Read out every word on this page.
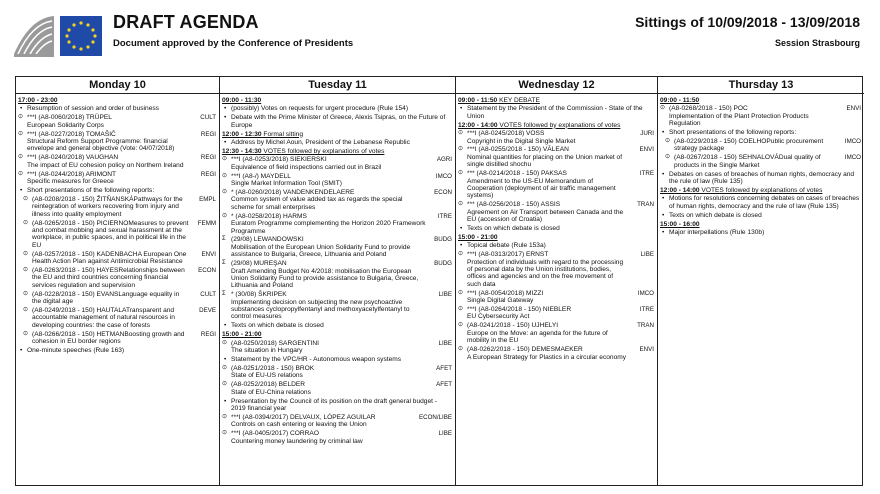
DRAFT AGENDA
Document approved by the Conference of Presidents
Sittings of 10/09/2018 - 13/09/2018
Session Strasbourg
Monday 10
17:00 - 23:00
• Resumption of session and order of business
⊙ ***I (A8-0060/2018) TRÜPEL
European Solidarity Corps
CULT
⊙ ***I (A8-0227/2018) TOMAŠIČ
Structural Reform Support Programme: financial envelope and general objective (Vote: 04/07/2018)
REGI
⊙ ***I (A8-0240/2018) VAUGHAN
The impact of EU cohesion policy on Northern Ireland
REGI
⊙ ***I (A8-0244/2018) ARIMONT
Specific measures for Greece
REGI
• Short presentations of the following reports:
⊙ (A8-0208/2018 - 150) ŽITŇANSKÁPathways for the reintegration of workers recovering from injury and illness into quality employment
EMPL
⊙ (A8-0265/2018 - 150) PICIERNOMeasures to prevent and combat mobbing and sexual harassment at the workplace, in public spaces, and in political life in the EU
FEMM
⊙ (A8-0257/2018 - 150) KADENBACHA European One Health Action Plan against Antimicrobial Resistance
ENVI
⊙ (A8-0263/2018 - 150) HAYESRelationships between the EU and third countries concerning financial services regulation and supervision
ECON
⊙ (A8-0228/2018 - 150) EVANSLanguage equality in the digital age
CULT
⊙ (A8-0249/2018 - 150) HAUTALATransparent and accountable management of natural resources in developing countries: the case of forests
DEVE
⊙ (A8-0266/2018 - 150) HETMANBoosting growth and cohesion in EU border regions
REGI
• One-minute speeches (Rule 163)
Tuesday 11
09:00 - 11:30
• (possibly) Votes on requests for urgent procedure (Rule 154)
• Debate with the Prime Minister of Greece, Alexis Tsipras, on the Future of Europe
12:00 - 12:30 Formal sitting
• Address by Michel Aoun, President of the Lebanese Republic
12:30 - 14:30 VOTES followed by explanations of votes
⊙ ***I (A8-0253/2018) SIEKIERSKI
Equivalence of field inspections carried out in Brazil
AGRI
⊙ ***I (A8-/) MAYDELL
Single Market Information Tool (SMIT)
IMCO
⊙ * (A8-0260/2018) VANDENKENDELAERE
Common system of value added tax as regards the special scheme for small enterprises
ECON
⊙ * (A8-0258/2018) HARMS
Euratom Programme complementing the Horizon 2020 Framework Programme
ITRE
Σ (29/08) LEWANDOWSKI
Mobilisation of the European Union Solidarity Fund to provide assistance to Bulgaria, Greece, Lithuania and Poland
BUDG
Σ (29/08) MUREŞAN
Draft Amending Budget No 4/2018: mobilisation the European Union Solidarity Fund to provide assistance to Bulgaria, Greece, Lithuania and Poland
BUDG
Σ * (30/08) ŠKRIPEK
Implementing decision on subjecting the new psychoactive substances cyclopropylfentanyl and methoxyacetylfentanyl to control measures
LIBE
• Texts on which debate is closed
15:00 - 21:00
⊙ (A8-0250/2018) SARGENTINI
The situation in Hungary
LIBE
• Statement by the VPC/HR - Autonomous weapon systems
⊙ (A8-0251/2018 - 150) BROK
State of EU-US relations
AFET
⊙ (A8-0252/2018) BELDER
State of EU-China relations
AFET
• Presentation by the Council of its position on the draft general budget - 2019 financial year
⊙ ***I (A8-0394/2017) DELVAUX, LÓPEZ AGUILAR
Controls on cash entering or leaving the Union
ECON/LIBE
⊙ ***I (A8-0405/2017) CORRAO
Countering money laundering by criminal law
LIBE
Wednesday 12
09:00 - 11:50 KEY DEBATE
• Statement by the President of the Commission - State of the Union
12:00 - 14:00 VOTES followed by explanations of votes
⊙ ***I (A8-0245/2018) VOSS
Copyright in the Digital Single Market
JURI
⊙ ***I (A8-0255/2018 - 150) VĂLEAN
Nominal quantities for placing on the Union market of single distilled shochu
ENVI
⊙ *** (A8-0214/2018 - 150) PAKSAS
Amendment to the US-EU Memorandum of Cooperation (deployment of air traffic management systems)
ITRE
⊙ *** (A8-0256/2018 - 150) ASSIS
Agreement on Air Transport between Canada and the EU (accession of Croatia)
TRAN
• Texts on which debate is closed
15:00 - 21:00
• Topical debate (Rule 153a)
⊙ ***I (A8-0313/2017) ERNST
Protection of individuals with regard to the processing of personal data by the Union institutions, bodies, offices and agencies and on the free movement of such data
LIBE
⊙ ***I (A8-0054/2018) MIZZI
Single Digital Gateway
IMCO
⊙ ***I (A8-0264/2018 - 150) NIEBLER
EU Cybersecurity Act
ITRE
⊙ (A8-0241/2018 - 150) UJHELYI
Europe on the Move: an agenda for the future of mobility in the EU
TRAN
⊙ (A8-0262/2018 - 150) DEMESMAEKER
A European Strategy for Plastics in a circular economy
ENVI
Thursday 13
09:00 - 11:50
⊙ (A8-0268/2018 - 150) POC
Implementation of the Plant Protection Products Regulation
ENVI
• Short presentations of the following reports:
⊙ (A8-0229/2018 - 150) COELHOPublic procurement strategy package
IMCO
⊙ (A8-0267/2018 - 150) SEHNALOVÁDual quality of products in the Single Market
IMCO
• Debates on cases of breaches of human rights, democracy and the rule of law (Rule 135)
12:00 - 14:00 VOTES followed by explanations of votes
• Motions for resolutions concerning debates on cases of breaches of human rights, democracy and the rule of law (Rule 135)
• Texts on which debate is closed
15:00 - 16:00
• Major interpellations (Rule 130b)
